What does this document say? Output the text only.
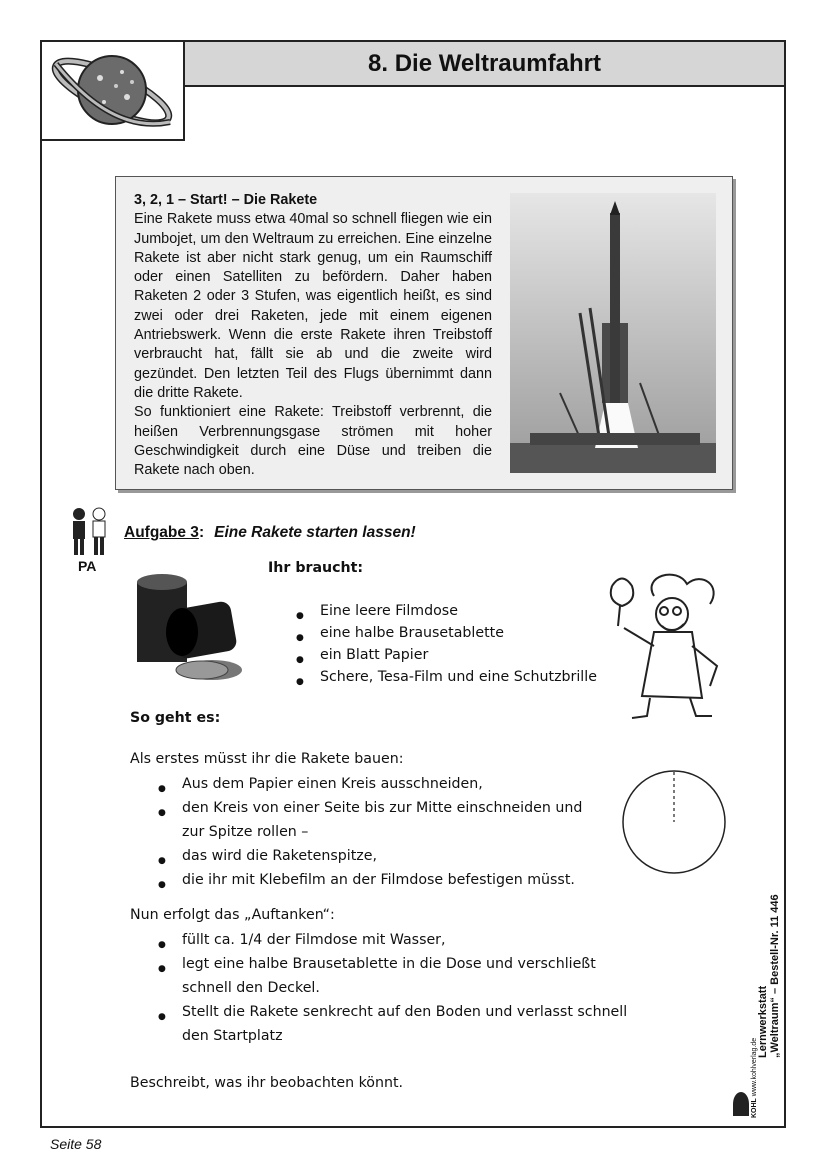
8. Die Weltraumfahrt
3, 2, 1 – Start! – Die Rakete

Eine Rakete muss etwa 40mal so schnell fliegen wie ein Jumbojet, um den Weltraum zu erreichen. Eine einzelne Rakete ist aber nicht stark genug, um ein Raumschiff oder einen Satelliten zu befördern. Daher haben Raketen 2 oder 3 Stufen, was eigentlich heißt, es sind zwei oder drei Raketen, jede mit einem eigenen Antriebswerk. Wenn die erste Rakete ihren Treibstoff verbraucht hat, fällt sie ab und die zweite wird gezündet. Den letzten Teil des Flugs übernimmt dann die dritte Rakete.

So funktioniert eine Rakete: Treibstoff verbrennt, die heißen Verbrennungsgase strömen mit hoher Geschwindigkeit durch eine Düse und treiben die Rakete nach oben.

PA
Aufgabe 3: Eine Rakete starten lassen!
Ihr braucht:
● Eine leere Filmdose
● eine halbe Brausetablette
● ein Blatt Papier
● Schere, Tesa-Film und eine Schutzbrille
So geht es:
Als erstes müsst ihr die Rakete bauen:
● Aus dem Papier einen Kreis ausschneiden,
● den Kreis von einer Seite bis zur Mitte einschneiden und zur Spitze rollen –
● das wird die Raketenspitze,
● die ihr mit Klebefilm an der Filmdose befestigen müsst.
Nun erfolgt das „Auftanken“:
● füllt ca. 1/4 der Filmdose mit Wasser,
● legt eine halbe Brausetablette in die Dose und verschließt schnell den Deckel.
● Stellt die Rakete senkrecht auf den Boden und verlasst schnell den Startplatz
Beschreibt, was ihr beobachten könnt.
Lernwerkstatt „Weltraum“ – Bestell-Nr. 11 446
KOHL www.kohlverlag.de
Seite 58
